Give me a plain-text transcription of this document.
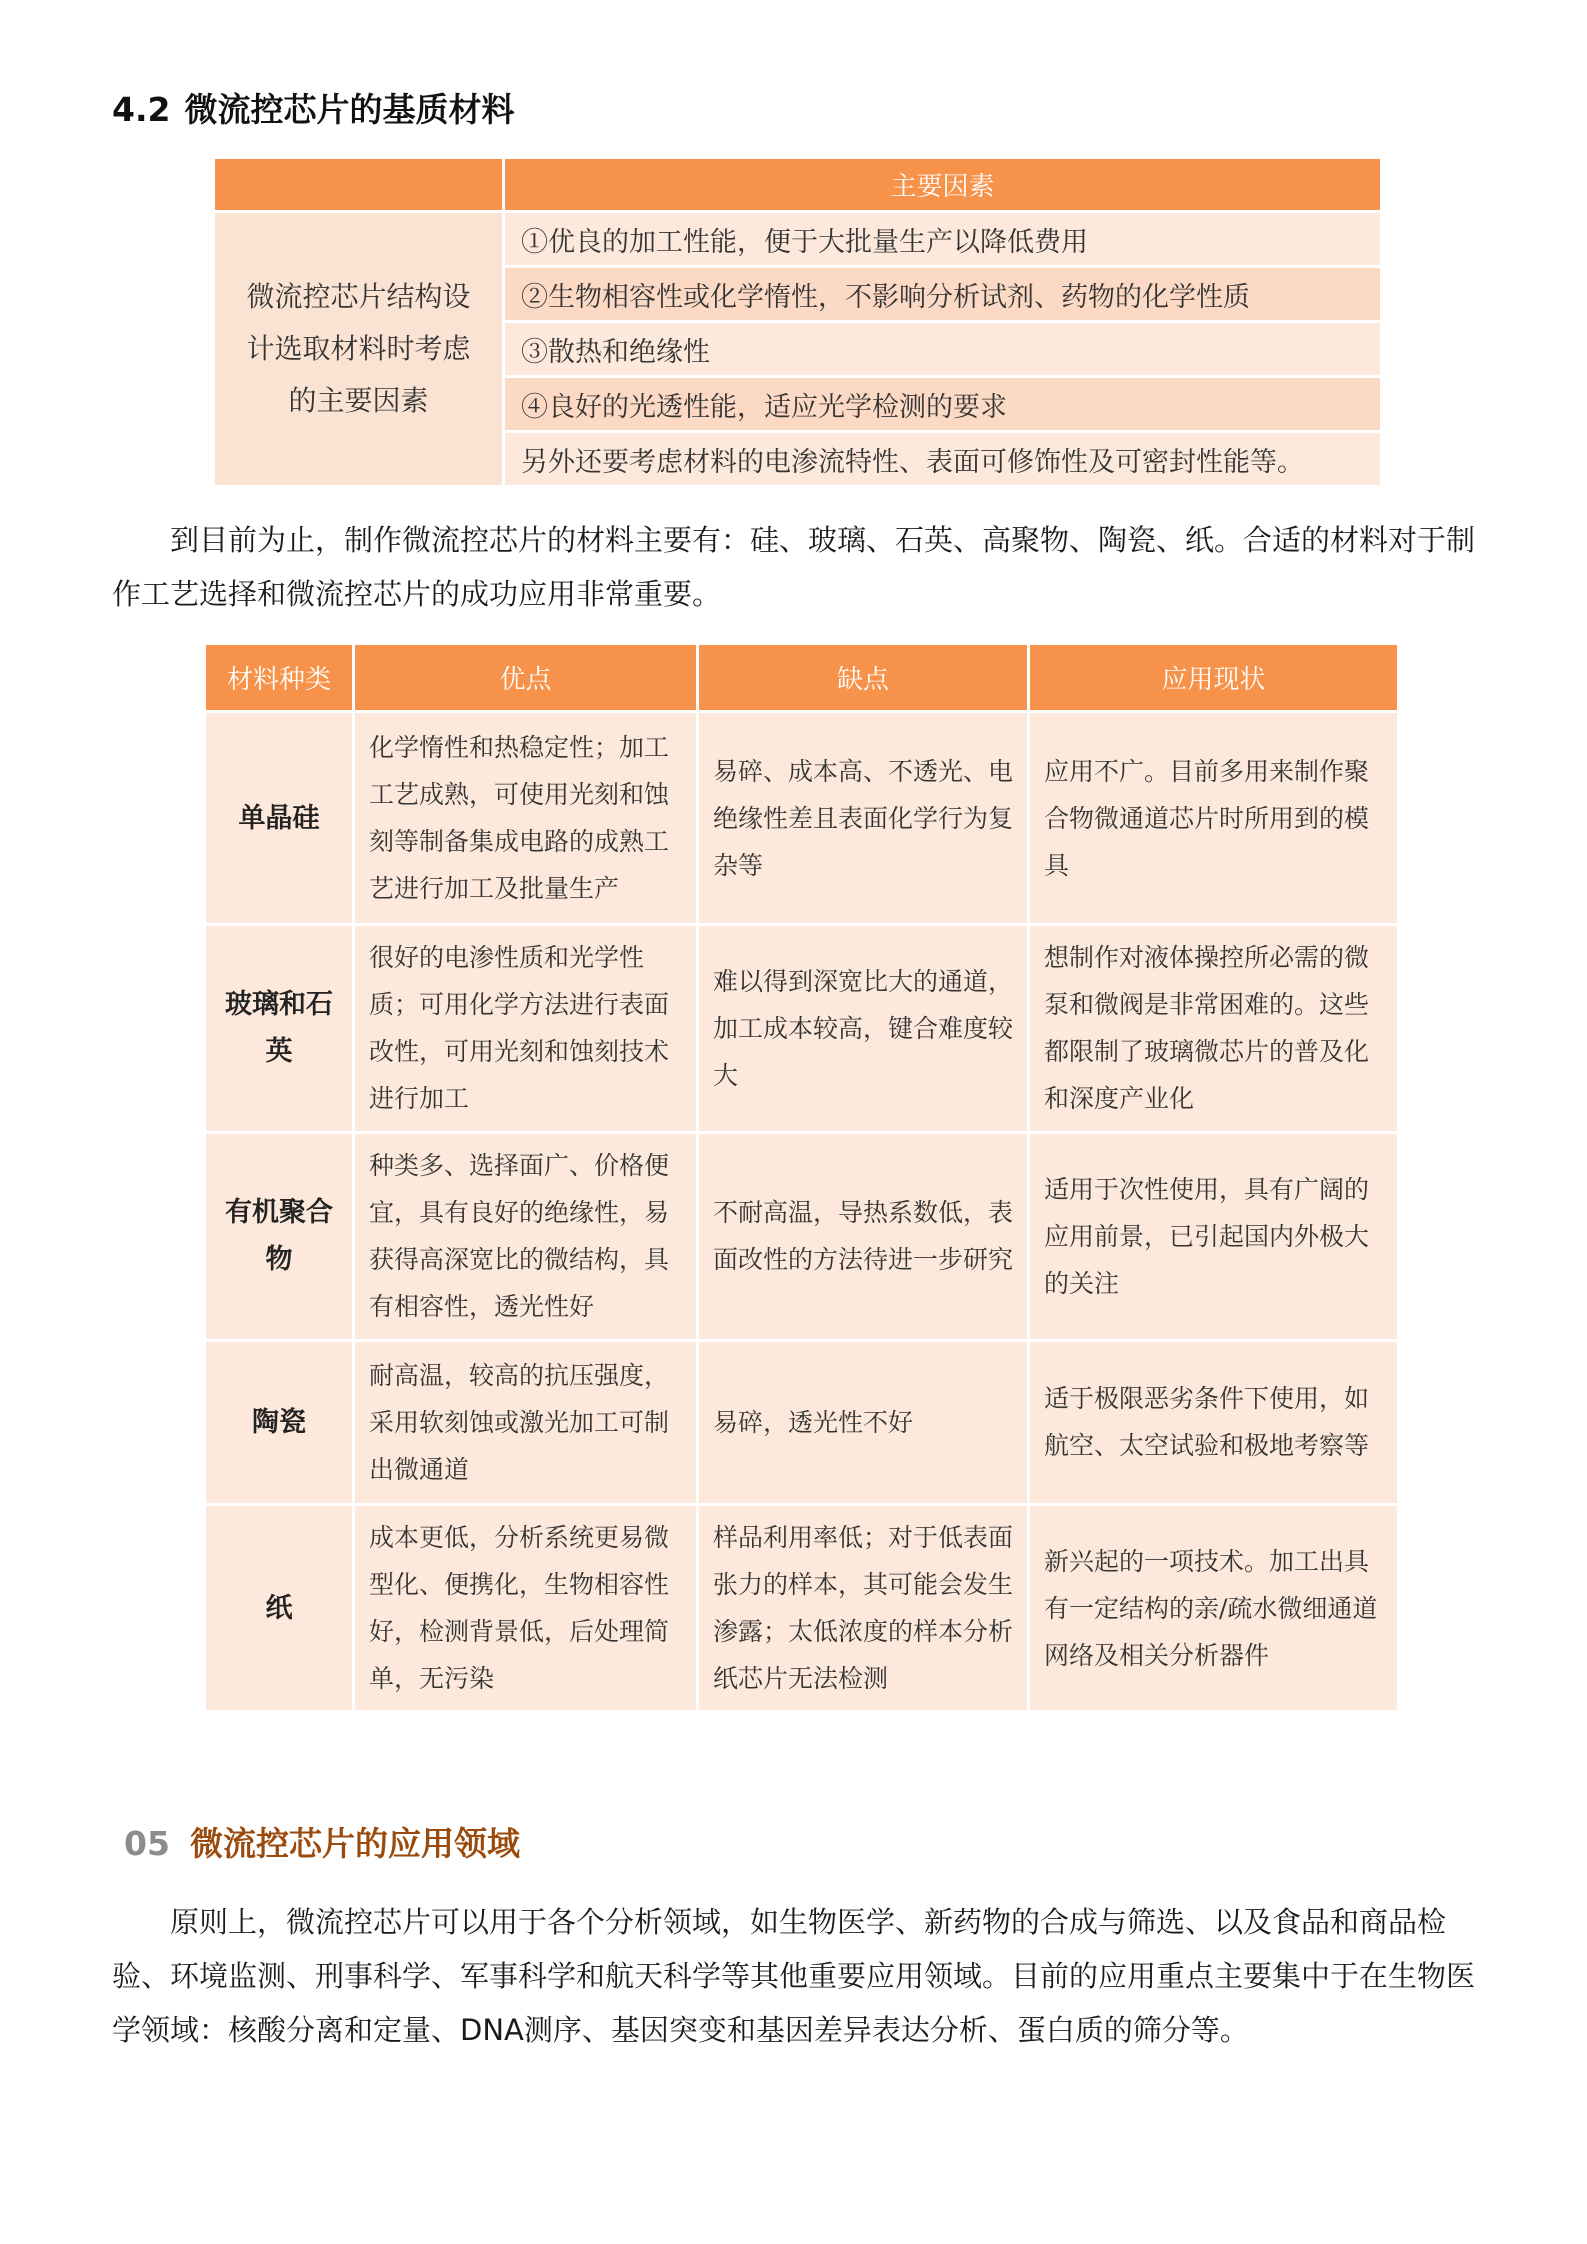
4.2 微流控芯片的基质材料
	主要因素
微流控芯片结构设计选取材料时考虑的主要因素	①优良的加工性能，便于大批量生产以降低费用
	②生物相容性或化学惰性，不影响分析试剂、药物的化学性质
	③散热和绝缘性
	④良好的光透性能，适应光学检测的要求
	另外还要考虑材料的电渗流特性、表面可修饰性及可密封性能等。

到目前为止，制作微流控芯片的材料主要有：硅、玻璃、石英、高聚物、陶瓷、纸。合适的材料对于制作工艺选择和微流控芯片的成功应用非常重要。

材料种类	优点	缺点	应用现状
单晶硅	化学惰性和热稳定性；加工工艺成熟，可使用光刻和蚀刻等制备集成电路的成熟工艺进行加工及批量生产	易碎、成本高、不透光、电绝缘性差且表面化学行为复杂等	应用不广。目前多用来制作聚合物微通道芯片时所用到的模具
玻璃和石英	很好的电渗性质和光学性质；可用化学方法进行表面改性，可用光刻和蚀刻技术进行加工	难以得到深宽比大的通道，加工成本较高，键合难度较大	想制作对液体操控所必需的微泵和微阀是非常困难的。这些都限制了玻璃微芯片的普及化和深度产业化
有机聚合物	种类多、选择面广、价格便宜，具有良好的绝缘性，易获得高深宽比的微结构，具有相容性，透光性好	不耐高温，导热系数低，表面改性的方法待进一步研究	适用于次性使用，具有广阔的应用前景，已引起国内外极大的关注
陶瓷	耐高温，较高的抗压强度，采用软刻蚀或激光加工可制出微通道	易碎，透光性不好	适于极限恶劣条件下使用，如航空、太空试验和极地考察等
纸	成本更低，分析系统更易微型化、便携化，生物相容性好，检测背景低，后处理简单，无污染	样品利用率低；对于低表面张力的样本，其可能会发生渗露；太低浓度的样本分析纸芯片无法检测	新兴起的一项技术。加工出具有一定结构的亲/疏水微细通道网络及相关分析器件
05 微流控芯片的应用领域

原则上，微流控芯片可以用于各个分析领域，如生物医学、新药物的合成与筛选、以及食品和商品检验、环境监测、刑事科学、军事科学和航天科学等其他重要应用领域。目前的应用重点主要集中于在生物医学领域：核酸分离和定量、DNA测序、基因突变和基因差异表达分析、蛋白质的筛分等。
